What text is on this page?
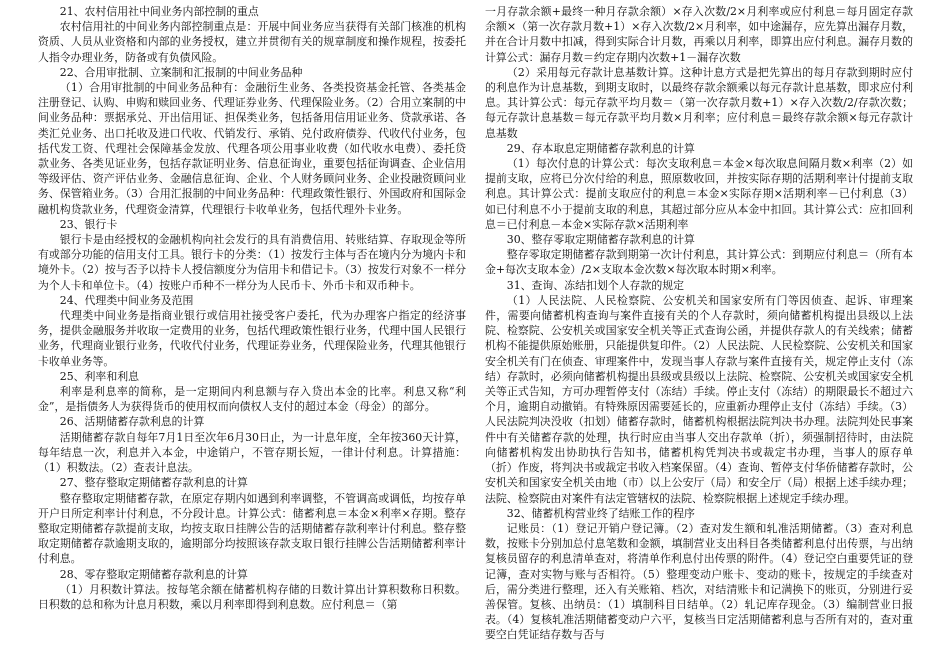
21、农村信用社中间业务内部控制的重点

农村信用社的中间业务内部控制重点是：开展中间业务应当获得有关部门核准的机构资质、人员从业资格和内部的业务授权，建立并贯彻有关的规章制度和操作规程，按委托人指令办理业务，防备或有负债风险。

22、合用审批制、立案制和汇报制的中间业务品种

（1）合用审批制的中间业务品种有：金融衍生业务、各类投资基金托管、各类基金注册登记、认购、申购和赎回业务、代理证券业务、代理保险业务。（2）合用立案制的中间业务品种：票据承兑、开出信用证、担保类业务，包括备用信用证业务、贷款承诺、各类汇兑业务、出口托收及进口代收、代销发行、承销、兑付政府债券、代收代付业务，包括代发工资、代理社会保障基金发放、代理各项公用事业收费（如代收水电费）、委托贷款业务、各类见证业务，包括存款证明业务、信息征询业，重要包括征询调查、企业信用等级评估、资产评估业务、金融信息征询、企业、个人财务顾问业务、企业投融资顾问业务、保管箱业务。（3）合用汇报制的中间业务品种：代理政策性银行、外国政府和国际金融机构贷款业务，代理资金清算，代理银行卡收单业务，包括代理外卡业务。

23、银行卡

银行卡是由经授权的金融机构向社会发行的具有消费信用、转账结算、存取现金等所有或部分功能的信用支付工具。银行卡的分类：（1）按发行主体与否在境内分为境内卡和境外卡。（2）按与否予以持卡人授信额度分为信用卡和借记卡。（3）按发行对象不一样分为个人卡和单位卡。（4）按账户币种不一样分为人民币卡、外币卡和双币种卡。

24、代理类中间业务及范围

代理类中间业务是指商业银行或信用社接受客户委托，代为办理客户指定的经济事务，提供金融服务并收取一定费用的业务，包括代理政策性银行业务，代理中国人民银行业务，代理商业银行业务，代收代付业务，代理证券业务，代理保险业务，代理其他银行卡收单业务等。

25、利率和利息

利率是利息率的简称，是一定期间内利息额与存入贷出本金的比率。利息又称“利金”，是指债务人为获得货币的使用权而向债权人支付的超过本金（母金）的部分。

26、活期储蓄存款利息的计算

活期储蓄存款自每年7月1日至次年6月30日止，为一计息年度，全年按360天计算，每年结息一次，利息并入本金，中途销户，不管存期长短，一律计付利息。计算措施：（1）积数法。（2）查表计息法。

27、整存整取定期储蓄存款利息的计算

整存整取定期储蓄存款，在原定存期内如遇到利率调整，不管调高或调低，均按存单开户日所定利率计付利息，不分段计息。计算公式：储蓄利息＝本金×利率×存期。整存整取定期储蓄存款提前支取，均按支取日挂牌公告的活期储蓄存款利率计付利息。整存整取定期储蓄存款逾期支取的，逾期部分均按照该存款支取日银行挂牌公告活期储蓄利率计付利息。

28、零存整取定期储蓄存款利息的计算

（1）月积数计算法。按每笔余额在储蓄机构存储的日数计算出计算积数称日积数。日积数的总和称为计息月积数，乘以月利率即得到利息数。应付利息＝（第

一月存款余额+最终一种月存款余额）×存入次数/2×月利率或应付利息＝每月固定存款余额×（第一次存款月数+1）×存入次数/2×月利率，如中途漏存，应先算出漏存月数，并在合计月数中扣减，得到实际合计月数，再乘以月利率，即算出应付利息。漏存月数的计算公式：漏存月数＝约定存期内次数+1－漏存次数

（2）采用每元存款计息基数计算。这种计息方式是把先算出的每月存款到期时应付的利息作为计息基数，到期支取时，以最终存款余额乘以每元存款计息基数，即求应付利息。其计算公式：每元存款平均月数＝（第一次存款月数+1）×存入次数/2/存款次数；每元存款计息基数＝每元存款平均月数×月利率；应付利息＝最终存款余额×每元存款计息基数

29、存本取息定期储蓄存款利息的计算

（1）每次付息的计算公式：每次支取利息＝本金×每次取息间隔月数×利率（2）如提前支取，应将已分次付给的利息，照原数收回，并按实际存期的活期利率计付提前支取利息。其计算公式：提前支取应付的利息＝本金×实际存期×活期利率－已付利息（3）如已付利息不小于提前支取的利息，其超过部分应从本金中扣回。其计算公式：应扣回利息＝已付利息－本金×实际存款×活期利率

30、整存零取定期储蓄存款利息的计算

整存零取定期储蓄存款到期第一次计付利息，其计算公式：到期应付利息＝（所有本金+每次支取本金）/2×支取本金次数×每次取本时期×利率。

31、查询、冻结扣划个人存款的规定

（1）人民法院、人民检察院、公安机关和国家安所有门等因侦查、起诉、审理案件，需要向储蓄机构查询与案件直接有关的个人存款时，须向储蓄机构提出县级以上法院、检察院、公安机关或国家安全机关等正式查询公函，并提供存款人的有关线索；储蓄机构不能提供原始账册，只能提供复印件。（2）人民法院、人民检察院、公安机关和国家安全机关有门在侦查、审理案件中，发现当事人存款与案件直接有关，规定停止支付（冻结）存款时，必须向储蓄机构提出县级或县级以上法院、检察院、公安机关或国家安全机关等正式告知，方可办理暂停支付（冻结）手续。停止支付（冻结）的期限最长不超过六个月，逾期自动撤销。有特殊原因需要延长的，应重新办理停止支付（冻结）手续。（3）人民法院判决没收（扣划）储蓄存款时，储蓄机构根据法院判决书办理。法院判处民事案件中有关储蓄存款的处理，执行时应由当事人交出存款单（折），须强制招待时，由法院向储蓄机构发出协助执行告知书，储蓄机构凭判决书或裁定书办理，当事人的原存单（折）作废，将判决书或裁定书收入档案保留。（4）查询、暂停支付华侨储蓄存款时，公安机关和国家安全机关由地（市）以上公安厅（局）和安全厅（局）根据上述手续办理；法院、检察院由对案件有法定管辖权的法院、检察院根据上述规定手续办理。

32、储蓄机构营业终了结账工作的程序

记账员：（1）登记开销户登记簿。（2）查对发生额和轧准活期储蓄。（3）查对利息数，按账卡分别加总付息笔数和金额，填制营业支出科目各类储蓄利息付出传票，与出纳复核员留存的利息清单查对，将清单作利息付出传票的附件。（4）登记空白重要凭证的登记簿，查对实物与账与否相符。（5）整理变动户账卡、变动的账卡，按规定的手续查对后，需分类进行整理，还入有关账箱、档次，对结清账卡和记满换下的账页，分别进行妥善保管。复核、出纳员：（1）填制科目日结单。（2）轧记库存现金。（3）编制营业日报表。（4）复核轧准活期储蓄变动户六平，复核当日定活期储蓄利息与否所有对的，查对重要空白凭证结存数与否与
